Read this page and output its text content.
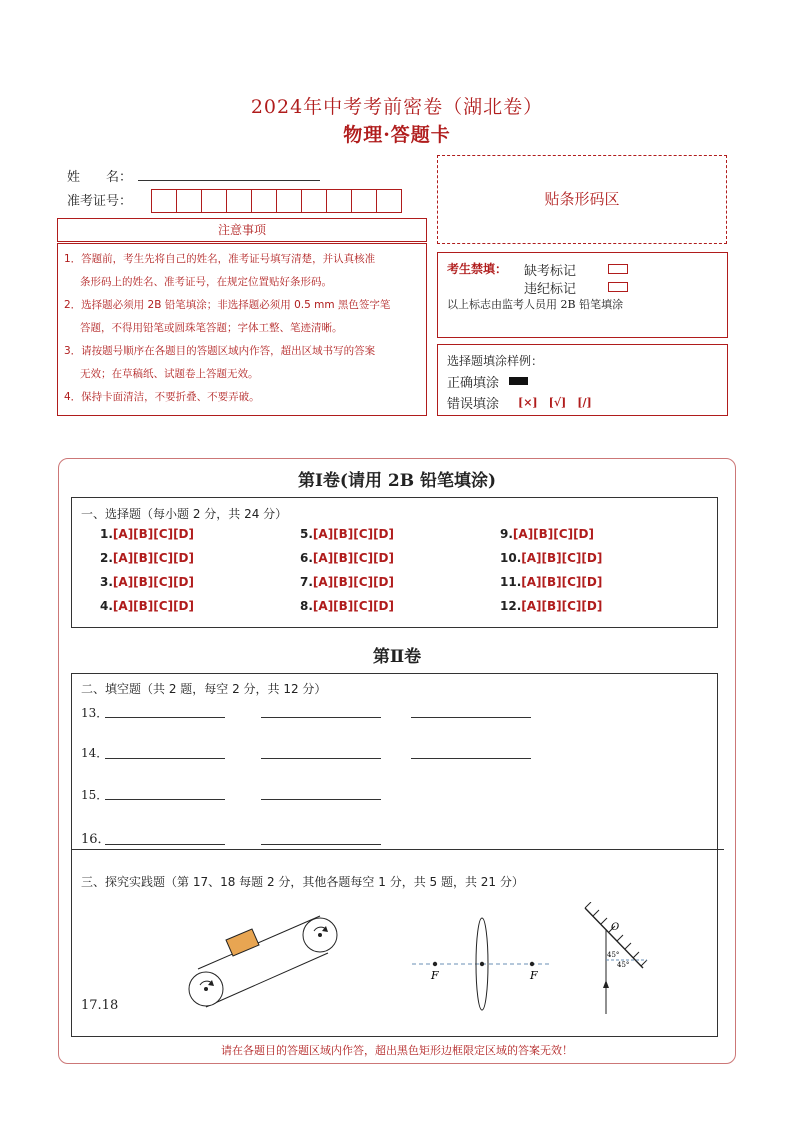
2024年中考考前密卷（湖北卷）
物理·答题卡
姓　　名：
准考证号：	贴条形码区
注意事项
1．答题前，考生先将自己的姓名，准考证号填写清楚，并认真核准
条形码上的姓名、准考证号，在规定位置贴好条形码。
2．选择题必须用 2B 铅笔填涂；非选择题必须用 0.5 mm 黑色签字笔
答题，不得用铅笔或圆珠笔答题；字体工整、笔迹清晰。
3．请按题号顺序在各题目的答题区域内作答，超出区域书写的答案
无效；在草稿纸、试题卷上答题无效。
4．保持卡面清洁，不要折叠、不要弄破。
考生禁填： 缺考标记
违纪标记
以上标志由监考人员用 2B 铅笔填涂
选择题填涂样例：
正确填涂
错误填涂 [×]　[√]　[/]
第Ⅰ卷(请用 2B 铅笔填涂)
一、选择题（每小题 2 分，共 24 分）
1.[A][B][C][D]
2.[A][B][C][D]
3.[A][B][C][D]
4.[A][B][C][D]
5.[A][B][C][D]
6.[A][B][C][D]
7.[A][B][C][D]
8.[A][B][C][D]
9.[A][B][C][D]
10.[A][B][C][D]
11.[A][B][C][D]
12.[A][B][C][D]
第Ⅱ卷
二、填空题（共 2 题，每空 2 分，共 12 分）
13．
14．
15．
16．
三、探究实践题（第 17、18 每题 2 分，其他各题每空 1 分，共 5 题，共 21 分）
17.18
F	F
O
45°
45°
请在各题目的答题区域内作答，超出黑色矩形边框限定区域的答案无效！
